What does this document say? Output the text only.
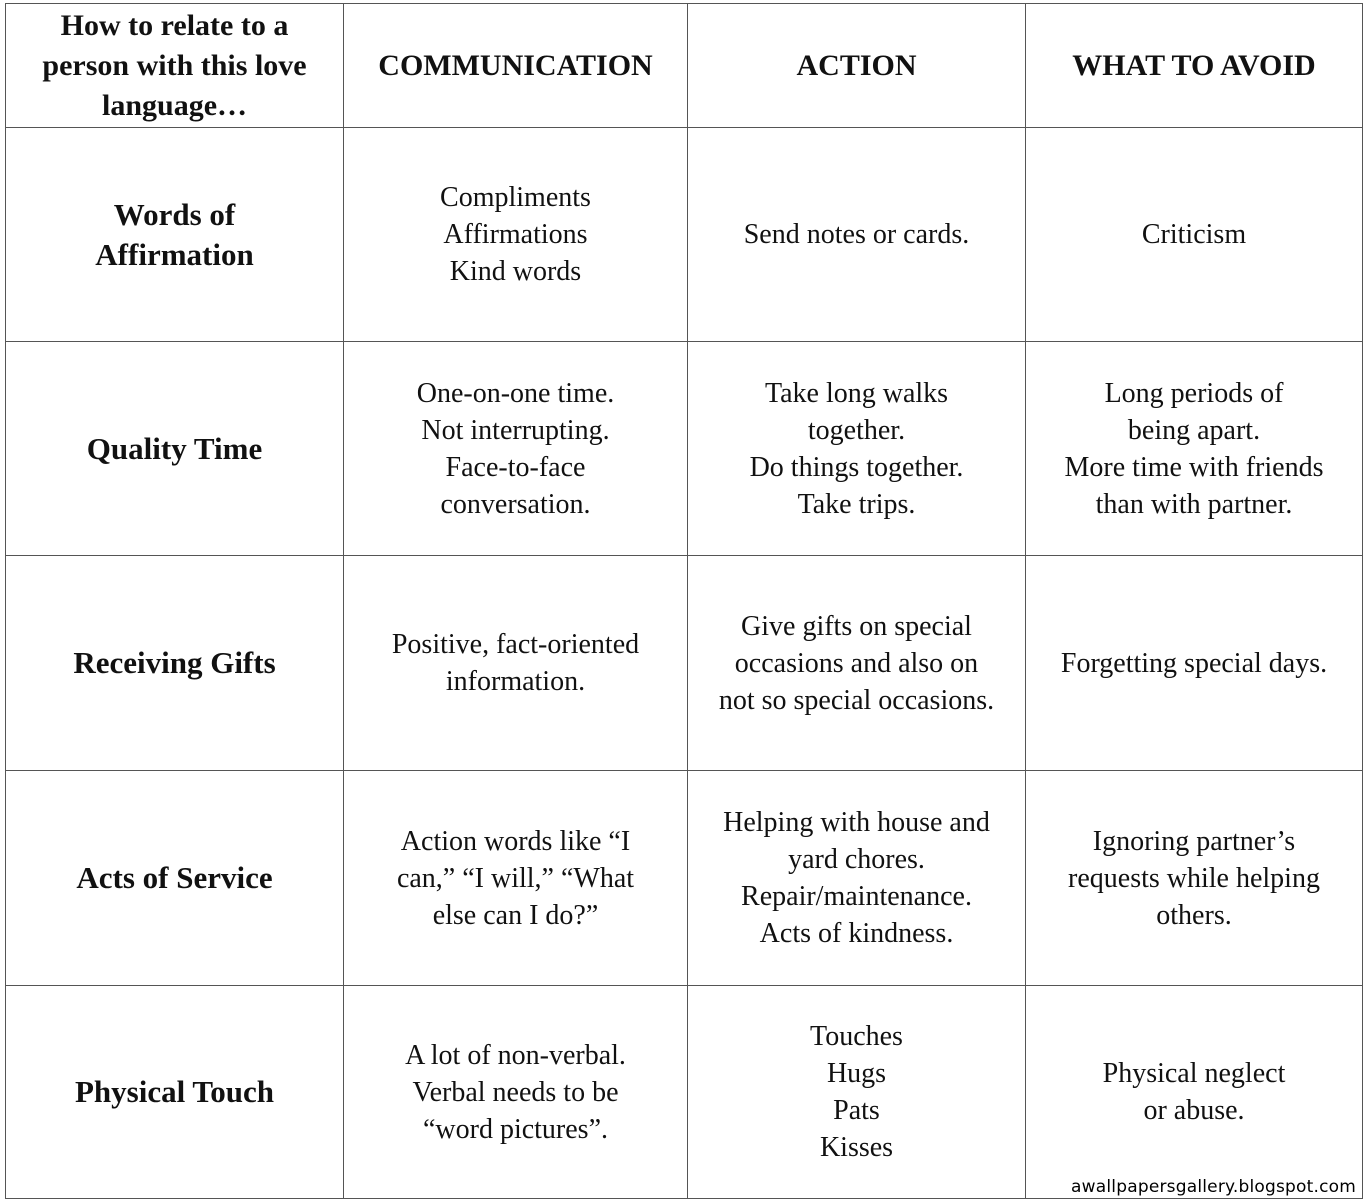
How to relate to a
person with this love
language…	COMMUNICATION	ACTION	WHAT TO AVOID
Words of
Affirmation	Compliments
Affirmations
Kind words	Send notes or cards.	Criticism
Quality Time	One-on-one time.
Not interrupting.
Face-to-face
conversation.	Take long walks
together.
Do things together.
Take trips.	Long periods of
being apart.
More time with friends
than with partner.
Receiving Gifts	Positive, fact-oriented
information.	Give gifts on special
occasions and also on
not so special occasions.	Forgetting special days.
Acts of Service	Action words like “I
can,” “I will,” “What
else can I do?”	Helping with house and
yard chores.
Repair/maintenance.
Acts of kindness.	Ignoring partner’s
requests while helping
others.
Physical Touch	A lot of non-verbal.
Verbal needs to be
“word pictures”.	Touches
Hugs
Pats
Kisses	Physical neglect
or abuse.
awallpapersgallery.blogspot.com
